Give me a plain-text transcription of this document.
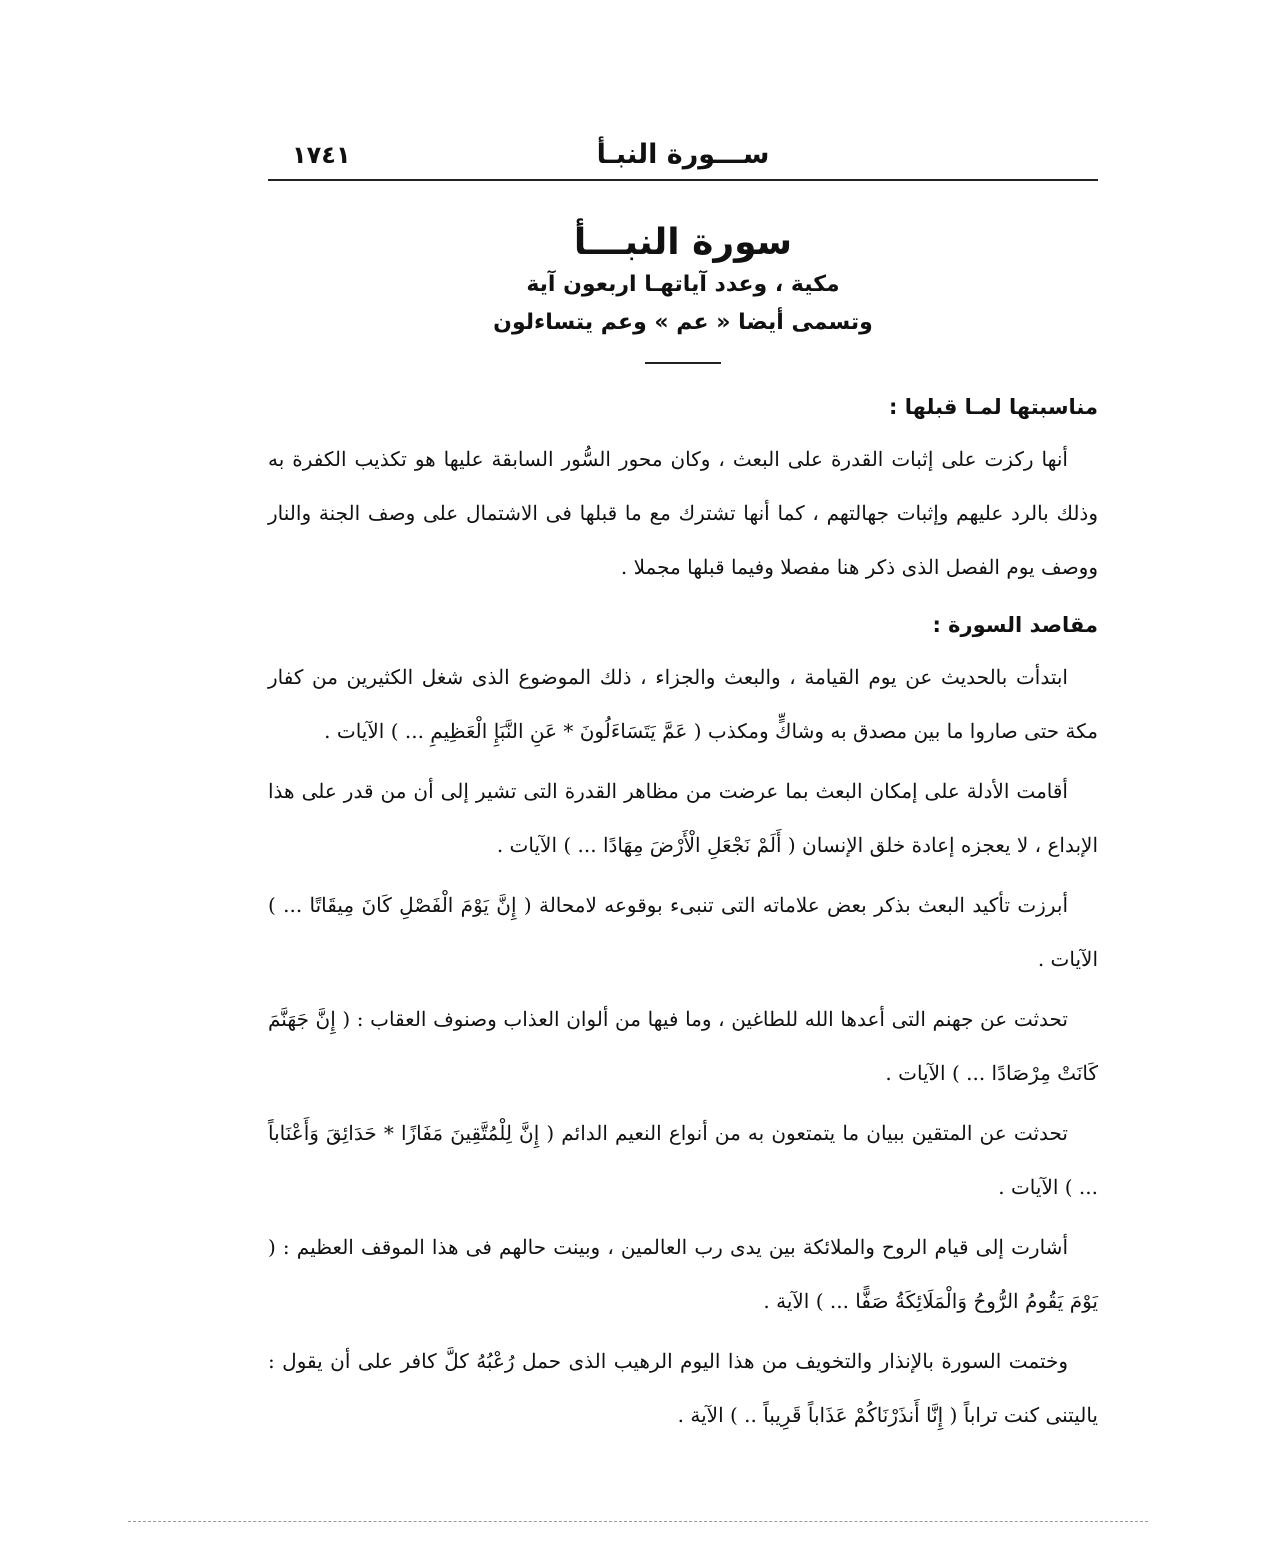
ســـورة النبـأ
١٧٤١

سورة النبـــأ

مكية ، وعدد آياتهـا اربعون آية

وتسمى أيضا « عم » وعم يتساءلون

مناسبتها لمـا قبلها :

أنها ركزت على إثبات القدرة على البعث ، وكان محور السُّور السابقة عليها هو تكذيب الكفرة به وذلك بالرد عليهم وإثبات جهالتهم ، كما أنها تشترك مع ما قبلها فى الاشتمال على وصف الجنة والنار ووصف يوم الفصل الذى ذكر هنا مفصلا وفيما قبلها مجملا .

مقاصد السورة :

ابتدأت بالحديث عن يوم القيامة ، والبعث والجزاء ، ذلك الموضوع الذى شغل الكثيرين من كفار مكة حتى صاروا ما بين مصدق به وشاكٍّ ومكذب ( عَمَّ يَتَسَاءَلُونَ * عَنِ النَّبَإِ الْعَظِيمِ ... ) الآيات .

أقامت الأدلة على إمكان البعث بما عرضت من مظاهر القدرة التى تشير إلى أن من قدر على هذا الإبداع ، لا يعجزه إعادة خلق الإنسان ( أَلَمْ نَجْعَلِ الْأَرْضَ مِهَادًا ... ) الآيات .

أبرزت تأكيد البعث بذكر بعض علاماته التى تنبىء بوقوعه لامحالة ( إِنَّ يَوْمَ الْفَصْلِ كَانَ مِيقَاتًا ... ) الآيات .

تحدثت عن جهنم التى أعدها الله للطاغين ، وما فيها من ألوان العذاب وصنوف العقاب : ( إِنَّ جَهَنَّمَ كَانَتْ مِرْصَادًا ... ) الآيات .

تحدثت عن المتقين ببيان ما يتمتعون به من أنواع النعيم الدائم ( إِنَّ لِلْمُتَّقِينَ مَفَازًا * حَدَائِقَ وَأَعْنَاباً ... ) الآيات .

أشارت إلى قيام الروح والملائكة بين يدى رب العالمين ، وبينت حالهم فى هذا الموقف العظيم : ( يَوْمَ يَقُومُ الرُّوحُ وَالْمَلَائِكَةُ صَفًّا ... ) الآية .

وختمت السورة بالإنذار والتخويف من هذا اليوم الرهيب الذى حمل رُعْبُهُ كلَّ كافر على أن يقول : ياليتنى كنت تراباً ( إِنَّا أَنذَرْنَاكُمْ عَذَاباً قَرِيباً .. ) الآية .
